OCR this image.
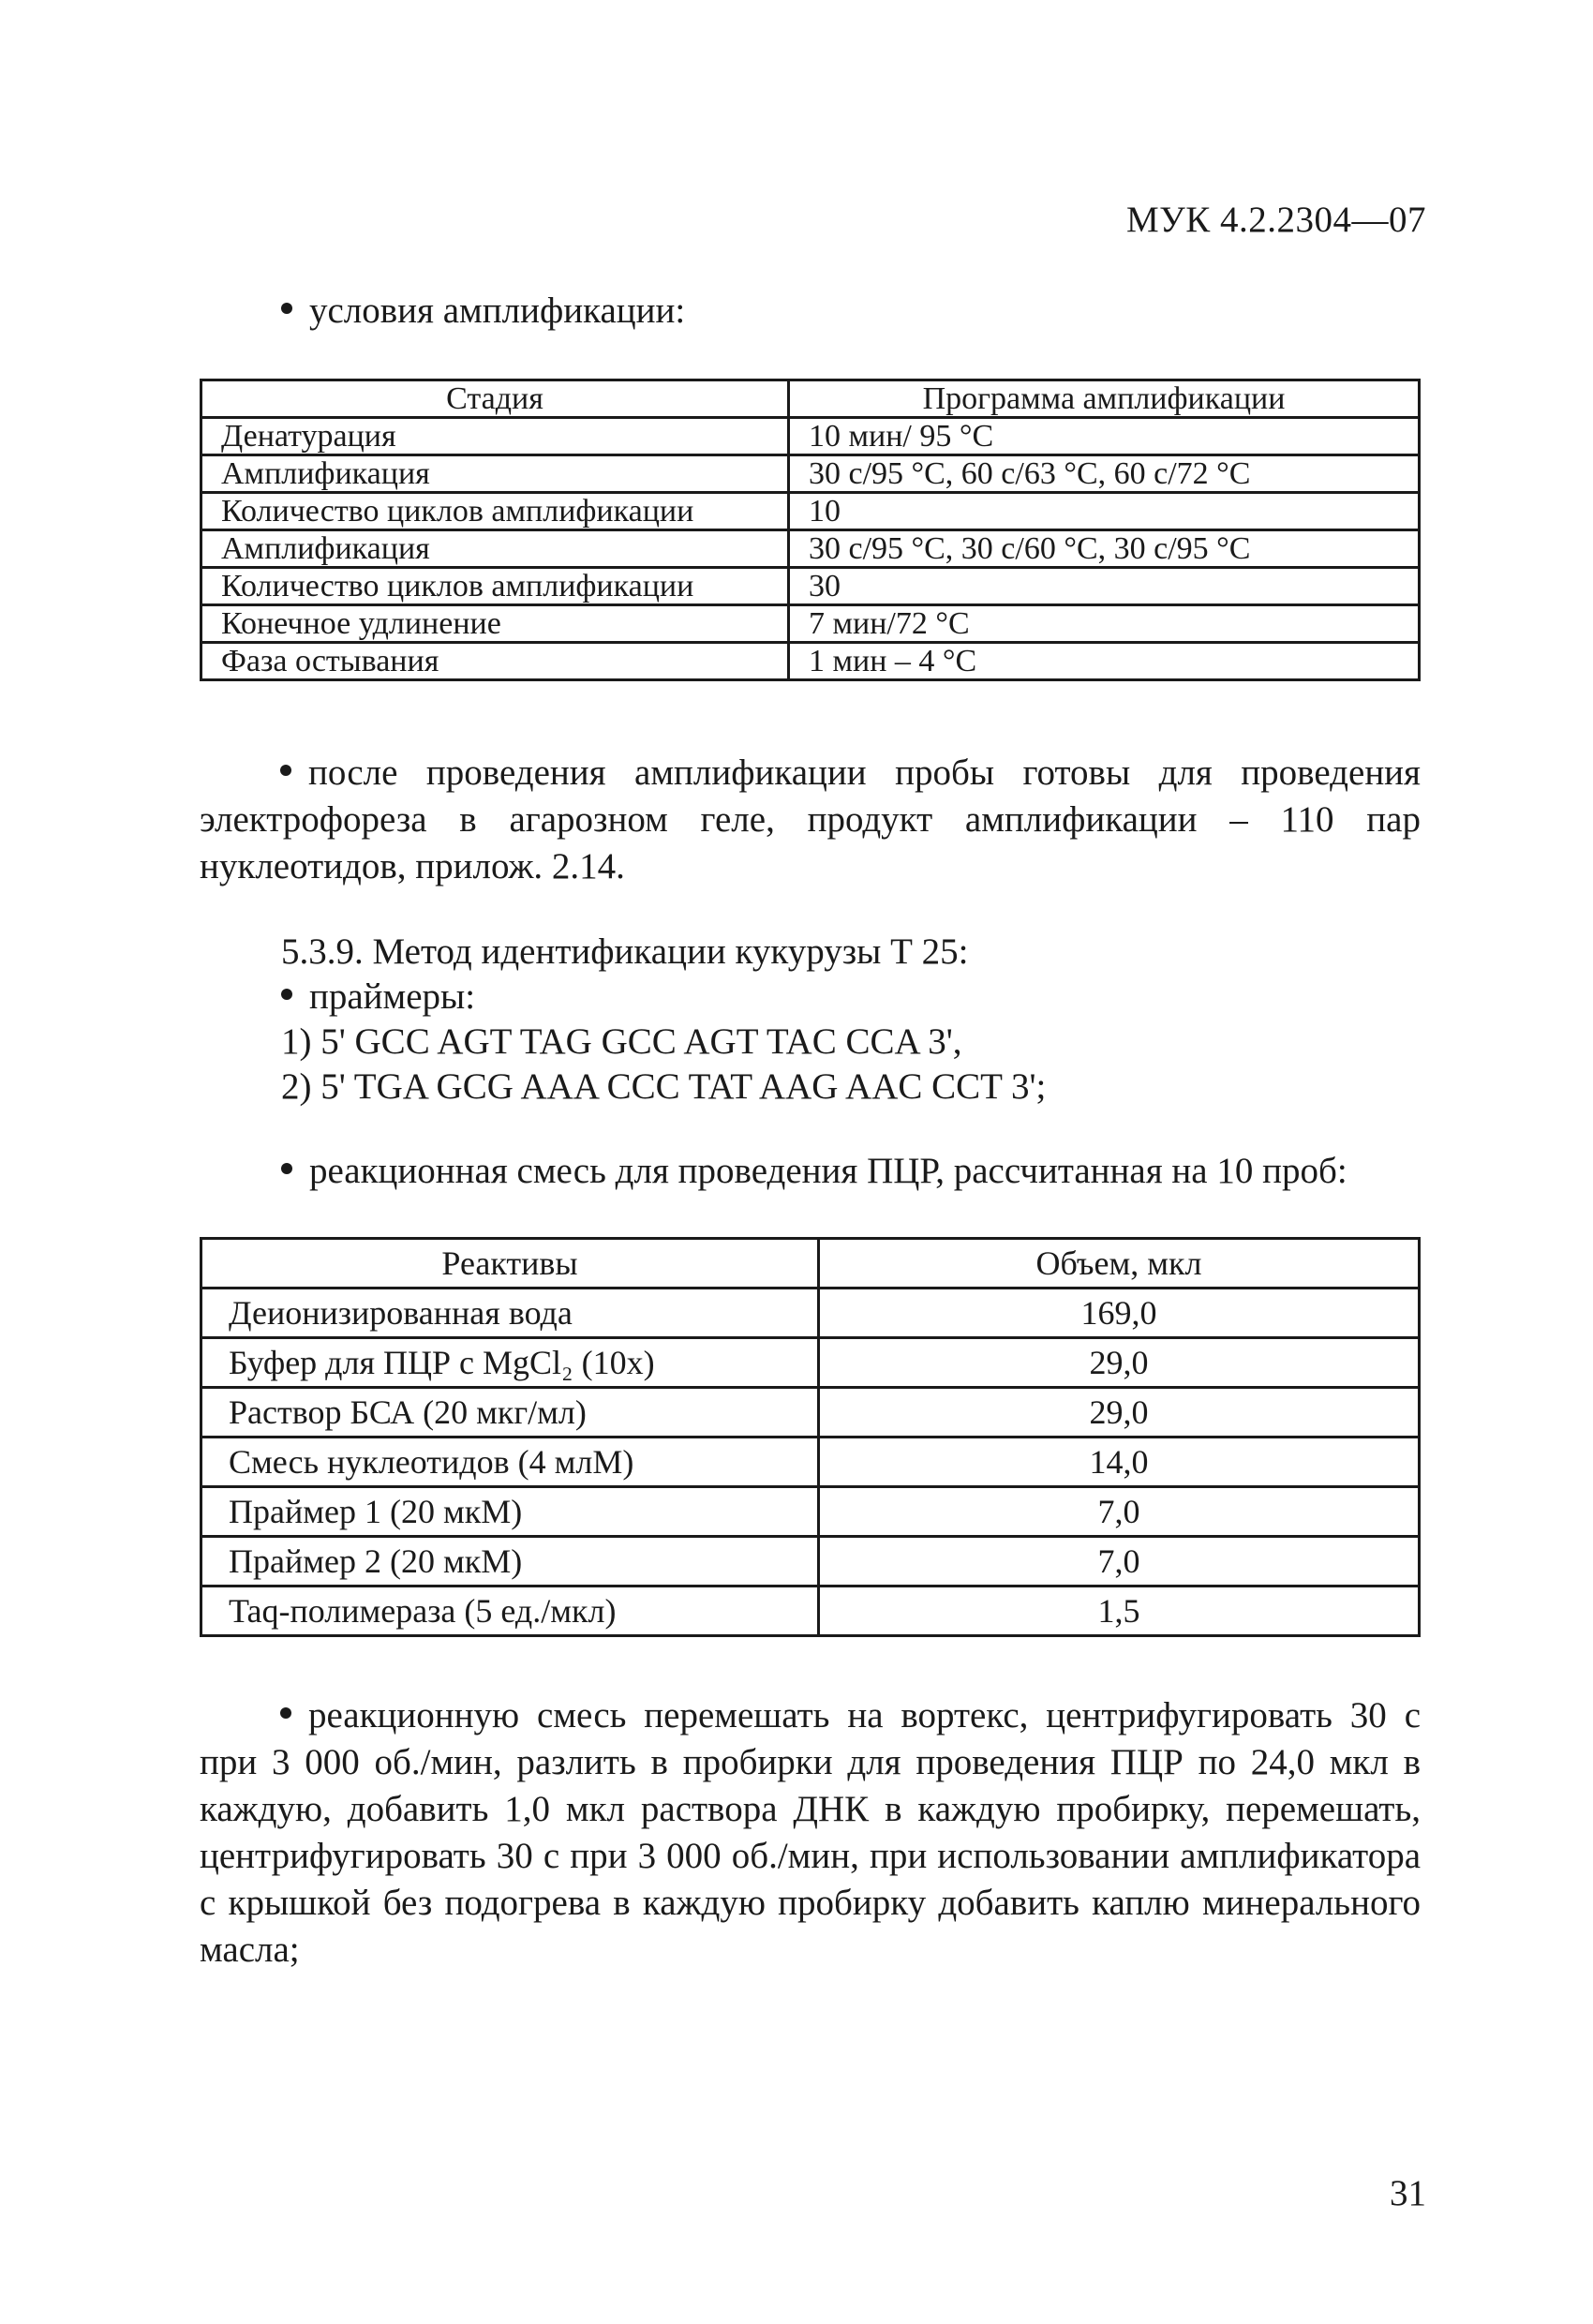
МУК 4.2.2304—07
условия амплификации:
Стадия	Программа амплификации
Денатурация	10 мин/ 95 °С
Амплификация	30 с/95 °С, 60 с/63 °С, 60 с/72 °С
Количество циклов амплификации	10
Амплификация	30 с/95 °С, 30 с/60 °С, 30 с/95 °С
Количество циклов амплификации	30
Конечное удлинение	7 мин/72 °С
Фаза остывания	1 мин – 4 °С
после проведения амплификации пробы готовы для проведения электрофореза в агарозном геле, продукт амплификации – 110 пар нуклеотидов, прилож. 2.14.
5.3.9. Метод идентификации кукурузы Т 25:
праймеры:
1) 5' GCC AGT TAG GCC AGT TAC CCA 3',
2) 5' TGA GCG AAA CCC TAT AAG AAC CCT 3';
реакционная смесь для проведения ПЦР, рассчитанная на 10 проб:
Реактивы	Объем, мкл
Деионизированная вода	169,0
Буфер для ПЦР с MgCl₂ (10х)	29,0
Раствор БСА (20 мкг/мл)	29,0
Смесь нуклеотидов (4 млМ)	14,0
Праймер 1 (20 мкМ)	7,0
Праймер 2 (20 мкМ)	7,0
Taq-полимераза (5 ед./мкл)	1,5
реакционную смесь перемешать на вортекс, центрифугировать 30 с при 3 000 об./мин, разлить в пробирки для проведения ПЦР по 24,0 мкл в каждую, добавить 1,0 мкл раствора ДНК в каждую пробирку, перемешать, центрифугировать 30 с при 3 000 об./мин, при использовании амплификатора с крышкой без подогрева в каждую пробирку добавить каплю минерального масла;
31
